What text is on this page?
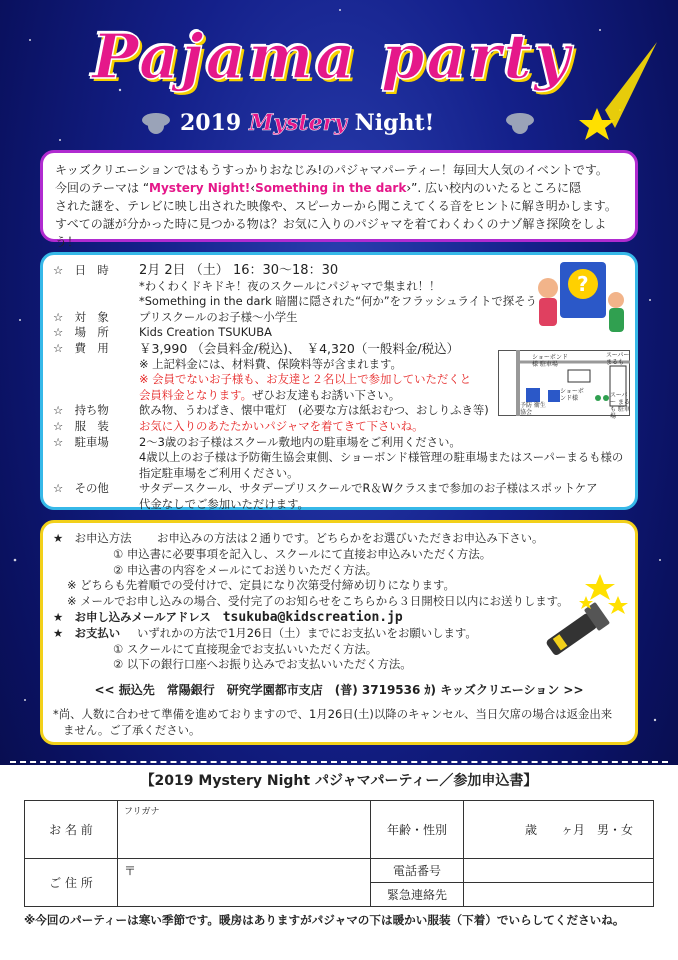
Pajama party
2019 Mystery Night!
キッズクリエーションではもうすっかりおなじみ!のパジャマパーティー！毎回大人気のイベントです。
今回のテーマは “Mystery Night!‹Something in the dark›”. 広い校内のいたるところに隠
された謎を、テレビに映し出された映像や、スピーカーから聞こえてくる音をヒントに解き明かします。
すべての謎が分かった時に見つかる物は？お気に入りのパジャマを着てわくわくのナゾ解き探険をしよう！
☆　日　時	2月 2日 （土） 16：30〜18：30
*わくわくドキドキ！夜のスクールにパジャマで集まれ！！
*Something in the dark 暗闇に隠された“何か”をフラッシュライトで探そう
☆　対　象	プリスクールのお子様〜小学生
☆　場　所	Kids Creation TSUKUBA
☆　費　用	￥3,990 （会員料金/税込)、　￥4,320（一般料金/税込）
※ 上記料金には、材料費、保険料等が含まれます。
※ 会員でないお子様も、お友達と２名以上で参加していただくと
会員料金となります。ぜひお友達もお誘い下さい。
☆　持ち物	飲み物、うわばき、懐中電灯　(必要な方は紙おむつ、おしりふき等)
☆　服　装	お気に入りのあたたかいパジャマを着てきて下さいね。
☆　駐車場	2〜3歳のお子様はスクール敷地内の駐車場をご利用ください。
4歳以上のお子様は予防衛生協会東側、ショーボンド様管理の駐車場またはスーパーまるも様の
指定駐車場をご利用ください。
☆　その他	サタデースクール、サタデープリスクールでR＆Wクラスまで参加のお子様はスポットケア
代金なしでご参加いただけます。
?
ショーボンド様 駐車場
スーパー まるも
予防 衛生協会
ショーボンド様	スーパー まるも 駐車場
★　お申込方法	お申込みの方法は２通りです。どちらかをお選びいただきお申込み下さい。
① 申込書に必要事項を記入し、スクールにて直接お申込みいただく方法。
② 申込書の内容をメールにてお送りいただく方法。
※ どちらも先着順での受付けで、定員になり次第受付締め切りになります。
※ メールでお申し込みの場合、受付完了のお知らせをこちらから３日開校日以内にお送りします。
★　お申し込みメールアドレス tsukuba@kidscreation.jp
★　お支払い	いずれかの方法で1月26日（土）までにお支払いをお願いします。
① スクールにて直接現金でお支払いいただく方法。
② 以下の銀行口座へお振り込みでお支払いいただく方法。
<< 振込先　常陽銀行　研究学園都市支店　(普) 3719536 ｶ) キッズクリエーション >>
*尚、人数に合わせて準備を進めておりますので、1月26日(土)以降のキャンセル、当日欠席の場合は返金出来
ません。ご了承ください。
【2019 Mystery Night パジャマパーティー／参加申込書】
お 名 前	フリガナ	年齢・性別	歳　　ヶ月　男・女
ご 住 所	〒	電話番号	
		緊急連絡先	
※今回のパーティーは寒い季節です。暖房はありますがパジャマの下は暖かい服装（下着）でいらしてくださいね。
